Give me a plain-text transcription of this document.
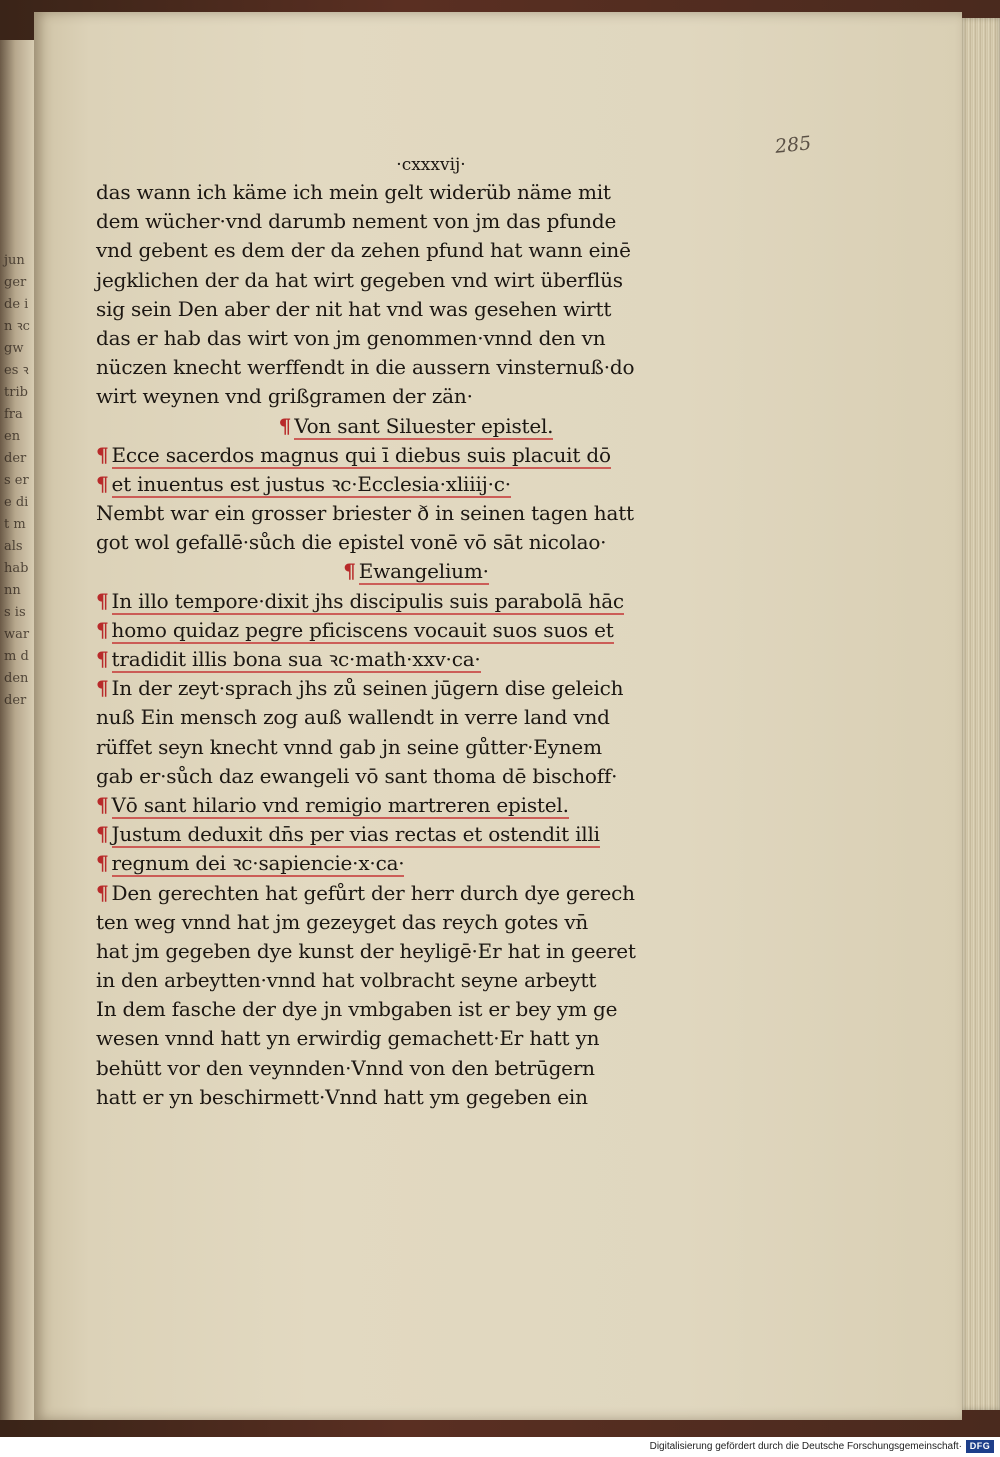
jungerde in ꝛcgwes ꝛtrib fraen der s ere dit mals hab nn s is war m d den der
285
·cxxxvij·
das wann ich käme ich mein gelt widerüb näme mit
dem wücher·vnd darumb nement von jm das pfunde
vnd gebent es dem der da zehen pfund hat wann einē
jegklichen der da hat wirt gegeben vnd wirt überflüs
sig sein Den aber der nit hat vnd was gesehen wirtt
das er hab das wirt von jm genommen·vnnd den vn
nüczen knecht werffendt in die aussern vinsternuß·do
wirt weynen vnd grißgramen der zän·
¶ Von sant Siluester epistel.
¶ Ecce sacerdos magnus qui ī diebus suis placuit dō
¶ et inuentus est justus ꝛc·Ecclesia·xliiij·c·
Nembt war ein grosser briester ð in seinen tagen hatt
got wol gefallē·sůch die epistel vonē vō sāt nicolao·
¶ Ewangelium·
¶ In illo tempore·dixit jhs discipulis suis parabolā hāc
¶ homo quidaz pegre pficiscens vocauit suos suos et
¶ tradidit illis bona sua ꝛc·math·xxv·ca·
¶ In der zeyt·sprach jhs zů seinen jūgern dise geleich
nuß Ein mensch zog auß wallendt in verre land vnd
rüffet seyn knecht vnnd gab jn seine gůtter·Eynem
gab er·sůch daz ewangeli vō sant thoma dē bischoff·
¶ Vō sant hilario vnd remigio martreren epistel.
¶ Justum deduxit dn̄s per vias rectas et ostendit illi
¶ regnum dei ꝛc·sapiencie·x·ca·
¶ Den gerechten hat gefůrt der herr durch dye gerech
ten weg vnnd hat jm gezeyget das reych gotes vn̄
hat jm gegeben dye kunst der heyligē·Er hat in geeret
in den arbeytten·vnnd hat volbracht seyne arbeytt
In dem fasche der dye jn vmbgaben ist er bey ym ge
wesen vnnd hatt yn erwirdig gemachett·Er hatt yn
behütt vor den veynnden·Vnnd von den betrūgern
hatt er yn beschirmett·Vnnd hatt ym gegeben ein
Digitalisierung gefördert durch die Deutsche Forschungsgemeinschaft· DFG
